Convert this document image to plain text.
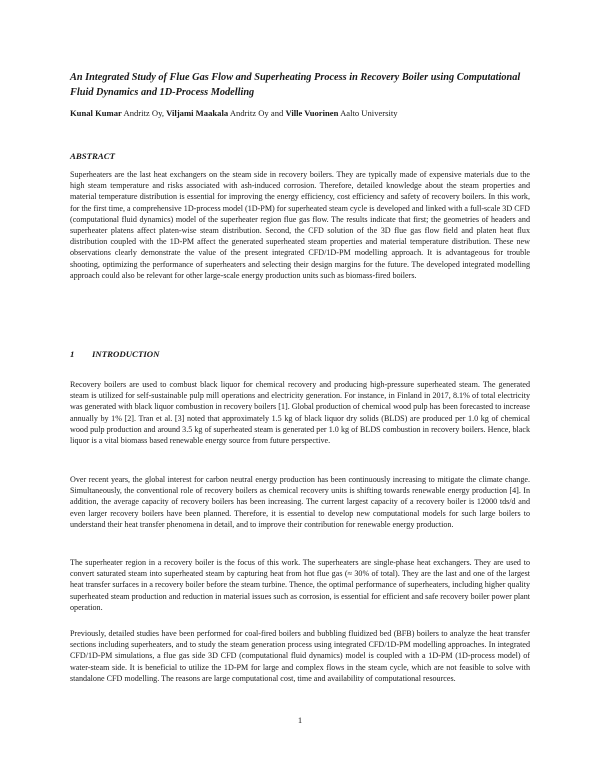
An Integrated Study of Flue Gas Flow and Superheating Process in Recovery Boiler using Computational Fluid Dynamics and 1D-Process Modelling
Kunal Kumar Andritz Oy, Viljami Maakala Andritz Oy and Ville Vuorinen Aalto University
ABSTRACT

Superheaters are the last heat exchangers on the steam side in recovery boilers. They are typically made of expensive materials due to the high steam temperature and risks associated with ash-induced corrosion. Therefore, detailed knowledge about the steam properties and material temperature distribution is essential for improving the energy efficiency, cost efficiency and safety of recovery boilers. In this work, for the first time, a comprehensive 1D-process model (1D-PM) for superheated steam cycle is developed and linked with a full-scale 3D CFD (computational fluid dynamics) model of the superheater region flue gas flow. The results indicate that first; the geometries of headers and superheater platens affect platen-wise steam distribution. Second, the CFD solution of the 3D flue gas flow field and platen heat flux distribution coupled with the 1D-PM affect the generated superheated steam properties and material temperature distribution. These new observations clearly demonstrate the value of the present integrated CFD/1D-PM modelling approach. It is advantageous for trouble shooting, optimizing the performance of superheaters and selecting their design margins for the future. The developed integrated modelling approach could also be relevant for other large-scale energy production units such as biomass-fired boilers.

1 INTRODUCTION

Recovery boilers are used to combust black liquor for chemical recovery and producing high-pressure superheated steam. The generated steam is utilized for self-sustainable pulp mill operations and electricity generation. For instance, in Finland in 2017, 8.1% of total electricity was generated with black liquor combustion in recovery boilers [1]. Global production of chemical wood pulp has been forecasted to increase annually by 1% [2]. Tran et al. [3] noted that approximately 1.5 kg of black liquor dry solids (BLDS) are produced per 1.0 kg of chemical wood pulp production and around 3.5 kg of superheated steam is generated per 1.0 kg of BLDS combustion in recovery boilers. Hence, black liquor is a vital biomass based renewable energy source from future perspective.

Over recent years, the global interest for carbon neutral energy production has been continuously increasing to mitigate the climate change. Simultaneously, the conventional role of recovery boilers as chemical recovery units is shifting towards renewable energy production [4]. In addition, the average capacity of recovery boilers has been increasing. The current largest capacity of a recovery boiler is 12000 tds/d and even larger recovery boilers have been planned. Therefore, it is essential to develop new computational models for such large boilers to understand their heat transfer phenomena in detail, and to improve their contribution for renewable energy production.

The superheater region in a recovery boiler is the focus of this work. The superheaters are single-phase heat exchangers. They are used to convert saturated steam into superheated steam by capturing heat from hot flue gas (≈ 30% of total). They are the last and one of the largest heat transfer surfaces in a recovery boiler before the steam turbine. Thence, the optimal performance of superheaters, including higher quality superheated steam production and reduction in material issues such as corrosion, is essential for efficient and safe recovery boiler power plant operation.

Previously, detailed studies have been performed for coal-fired boilers and bubbling fluidized bed (BFB) boilers to analyze the heat transfer sections including superheaters, and to study the steam generation process using integrated CFD/1D-PM modelling approaches. In integrated CFD/1D-PM simulations, a flue gas side 3D CFD (computational fluid dynamics) model is coupled with a 1D-PM (1D-process model) of water-steam side. It is beneficial to utilize the 1D-PM for large and complex flows in the steam cycle, which are not feasible to solve with standalone CFD modelling. The reasons are large computational cost, time and availability of computational resources.

1
